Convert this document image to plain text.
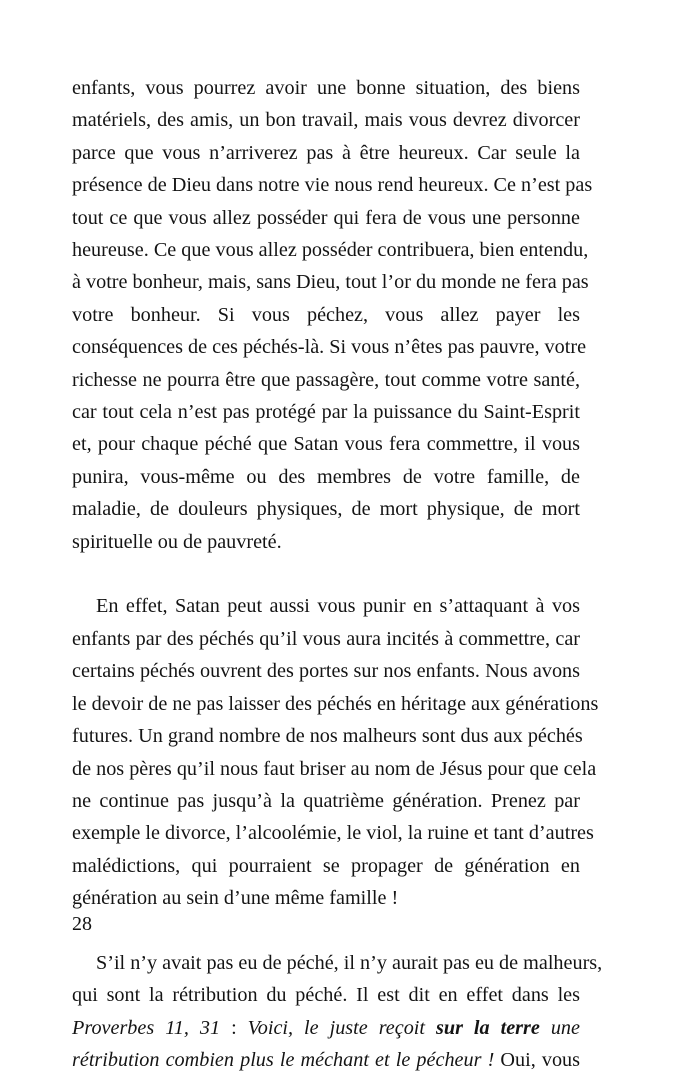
enfants, vous pourrez avoir une bonne situation, des biens
matériels, des amis, un bon travail, mais vous devrez divorcer
parce que vous n’arriverez pas à être heureux. Car seule la
présence de Dieu dans notre vie nous rend heureux. Ce n’est pas
tout ce que vous allez posséder qui fera de vous une personne
heureuse. Ce que vous allez posséder contribuera, bien entendu,
à votre bonheur, mais, sans Dieu, tout l’or du monde ne fera pas
votre bonheur. Si vous péchez, vous allez payer les
conséquences de ces péchés-là. Si vous n’êtes pas pauvre, votre
richesse ne pourra être que passagère, tout comme votre santé,
car tout cela n’est pas protégé par la puissance du Saint-Esprit
et, pour chaque péché que Satan vous fera commettre, il vous
punira, vous-même ou des membres de votre famille, de
maladie, de douleurs physiques, de mort physique, de mort
spirituelle ou de pauvreté.

En effet, Satan peut aussi vous punir en s’attaquant à vos
enfants par des péchés qu’il vous aura incités à commettre, car
certains péchés ouvrent des portes sur nos enfants. Nous avons
le devoir de ne pas laisser des péchés en héritage aux générations
futures. Un grand nombre de nos malheurs sont dus aux péchés
de nos pères qu’il nous faut briser au nom de Jésus pour que cela
ne continue pas jusqu’à la quatrième génération. Prenez par
exemple le divorce, l’alcoolémie, le viol, la ruine et tant d’autres
malédictions, qui pourraient se propager de génération en
génération au sein d’une même famille !

S’il n’y avait pas eu de péché, il n’y aurait pas eu de malheurs,
qui sont la rétribution du péché. Il est dit en effet dans les
Proverbes 11, 31 : Voici, le juste reçoit sur la terre une
rétribution combien plus le méchant et le pécheur ! Oui, vous

28
